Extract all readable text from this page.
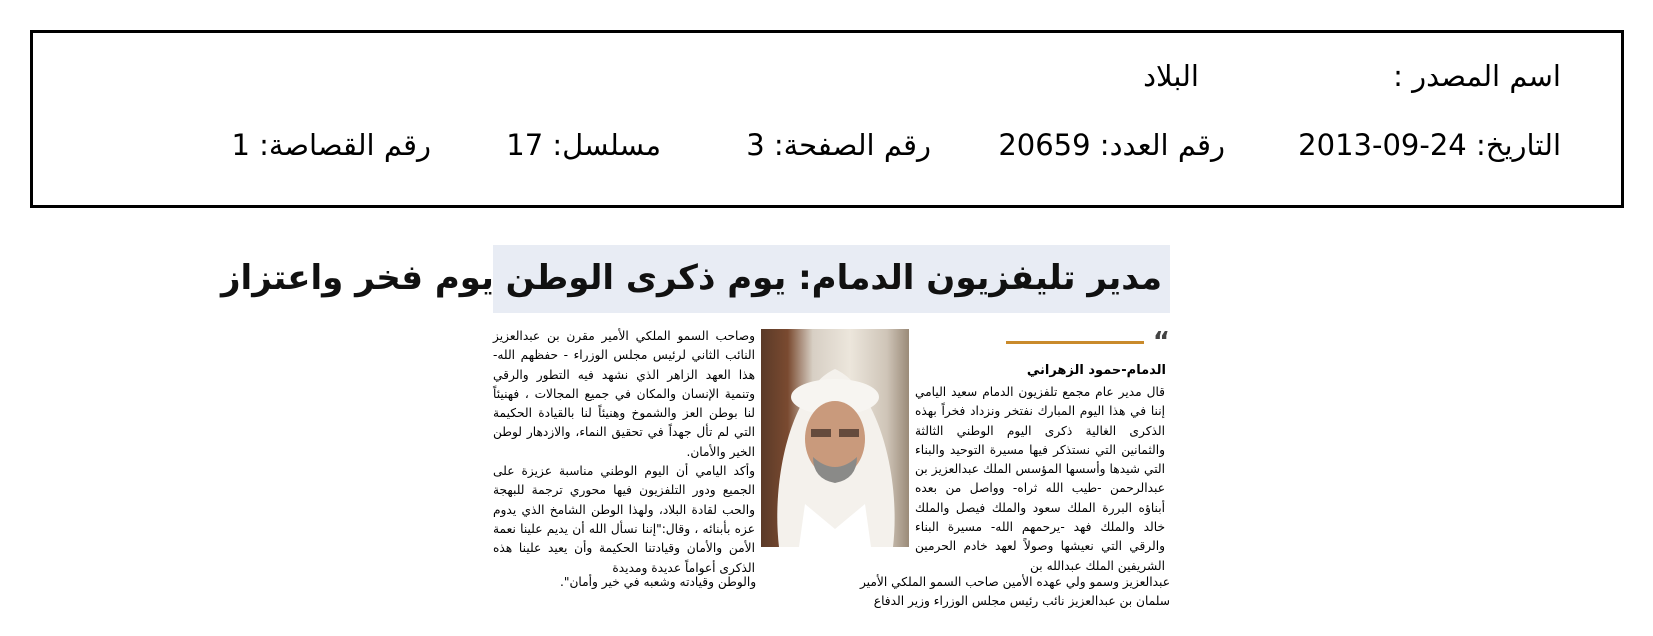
اسم المصدر :
البلاد
التاريخ: 24-09-2013
رقم العدد: 20659
رقم الصفحة: 3
مسلسل: 17
رقم القصاصة: 1
مدير تليفزيون الدمام: يوم ذكرى الوطن يوم فخر واعتزاز
“
الدمام-حمود الزهراني

قال مدير عام مجمع تلفزيون الدمام سعيد اليامي إننا في هذا اليوم المبارك نفتخر ونزداد فخراً بهذه الذكرى الغالية ذكرى اليوم الوطني الثالثة والثمانين التي نستذكر فيها مسيرة التوحيد والبناء التي شيدها وأسسها المؤسس الملك عبدالعزيز بن عبدالرحمن -طيب الله ثراه- وواصل من بعده أبناؤه البررة الملك سعود والملك فيصل والملك خالد والملك فهد -يرحمهم الله- مسيرة البناء والرقي التي نعيشها وصولاً لعهد خادم الحرمين الشريفين الملك عبدالله بن

وصاحب السمو الملكي الأمير مقرن بن عبدالعزيز النائب الثاني لرئيس مجلس الوزراء - حفظهم الله- هذا العهد الزاهر الذي نشهد فيه التطور والرقي وتنمية الإنسان والمكان في جميع المجالات ، فهنيئاً لنا بوطن العز والشموخ وهنيئاً لنا بالقيادة الحكيمة التي لم تأل جهداً في تحقيق النماء، والازدهار لوطن الخير والأمان.

وأكد اليامي أن اليوم الوطني مناسبة عزيزة على الجميع ودور التلفزيون فيها محوري ترجمة للبهجة والحب لقادة البلاد، ولهذا الوطن الشامخ الذي يدوم عزه بأبنائه ، وقال:"إننا نسأل الله أن يديم علينا نعمة الأمن والأمان وقيادتنا الحكيمة وأن يعيد علينا هذه الذكرى أعواماً عديدة ومديدة

عبدالعزيز وسمو ولي عهده الأمين صاحب السمو الملكي الأمير والوطن وقيادته وشعبه في خير وأمان".
سلمان بن عبدالعزيز نائب رئيس مجلس الوزراء وزير الدفاع
